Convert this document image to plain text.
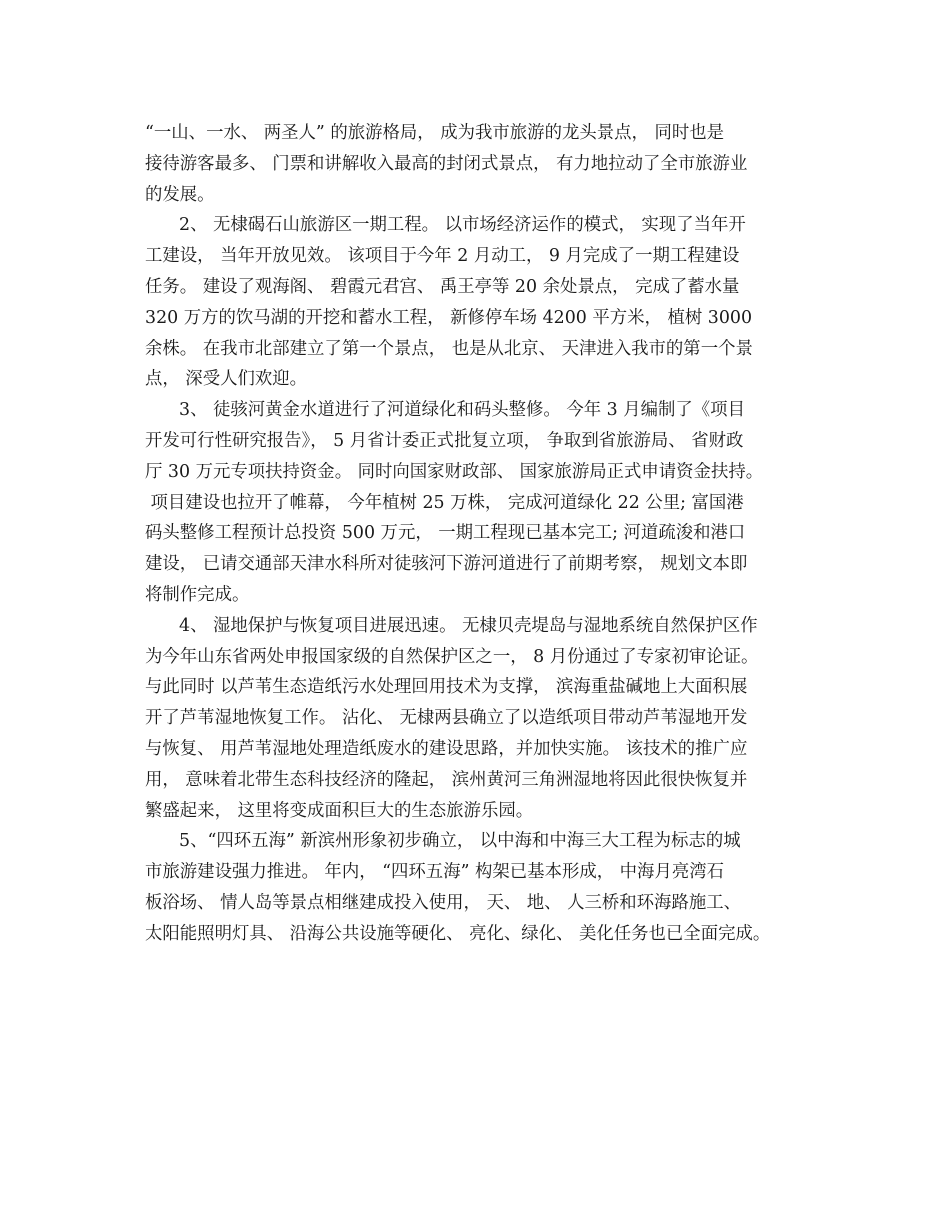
“一山、一水、 两圣人” 的旅游格局， 成为我市旅游的龙头景点， 同时也是
接待游客最多、 门票和讲解收入最高的封闭式景点， 有力地拉动了全市旅游业
的发展。
2、 无棣碣石山旅游区一期工程。 以市场经济运作的模式， 实现了当年开
工建设， 当年开放见效。 该项目于今年 2 月动工， 9 月完成了一期工程建设
任务。 建设了观海阁、 碧霞元君宫、 禹王亭等 20 余处景点， 完成了蓄水量
320 万方的饮马湖的开挖和蓄水工程， 新修停车场 4200 平方米， 植树 3000
余株。 在我市北部建立了第一个景点， 也是从北京、 天津进入我市的第一个景
点， 深受人们欢迎。
3、 徒骇河黄金水道进行了河道绿化和码头整修。 今年 3 月编制了《项目
开发可行性研究报告》， 5 月省计委正式批复立项， 争取到省旅游局、 省财政
厅 30 万元专项扶持资金。 同时向国家财政部、 国家旅游局正式申请资金扶持。
项目建设也拉开了帷幕， 今年植树 25 万株， 完成河道绿化 22 公里; 富国港
码头整修工程预计总投资 500 万元， 一期工程现已基本完工; 河道疏浚和港口
建设， 已请交通部天津水科所对徒骇河下游河道进行了前期考察， 规划文本即
将制作完成。
4、 湿地保护与恢复项目进展迅速。 无棣贝壳堤岛与湿地系统自然保护区作
为今年山东省两处申报国家级的自然保护区之一， 8 月份通过了专家初审论证。
与此同时 以芦苇生态造纸污水处理回用技术为支撑， 滨海重盐碱地上大面积展
开了芦苇湿地恢复工作。 沾化、 无棣两县确立了以造纸项目带动芦苇湿地开发
与恢复、 用芦苇湿地处理造纸废水的建设思路，并加快实施。 该技术的推广应
用， 意味着北带生态科技经济的隆起， 滨州黄河三角洲湿地将因此很快恢复并
繁盛起来， 这里将变成面积巨大的生态旅游乐园。
5、“四环五海” 新滨州形象初步确立， 以中海和中海三大工程为标志的城
市旅游建设强力推进。 年内， “四环五海” 构架已基本形成， 中海月亮湾石
板浴场、 情人岛等景点相继建成投入使用， 天、 地、 人三桥和环海路施工、
太阳能照明灯具、 沿海公共设施等硬化、 亮化、绿化、 美化任务也已全面完成。
